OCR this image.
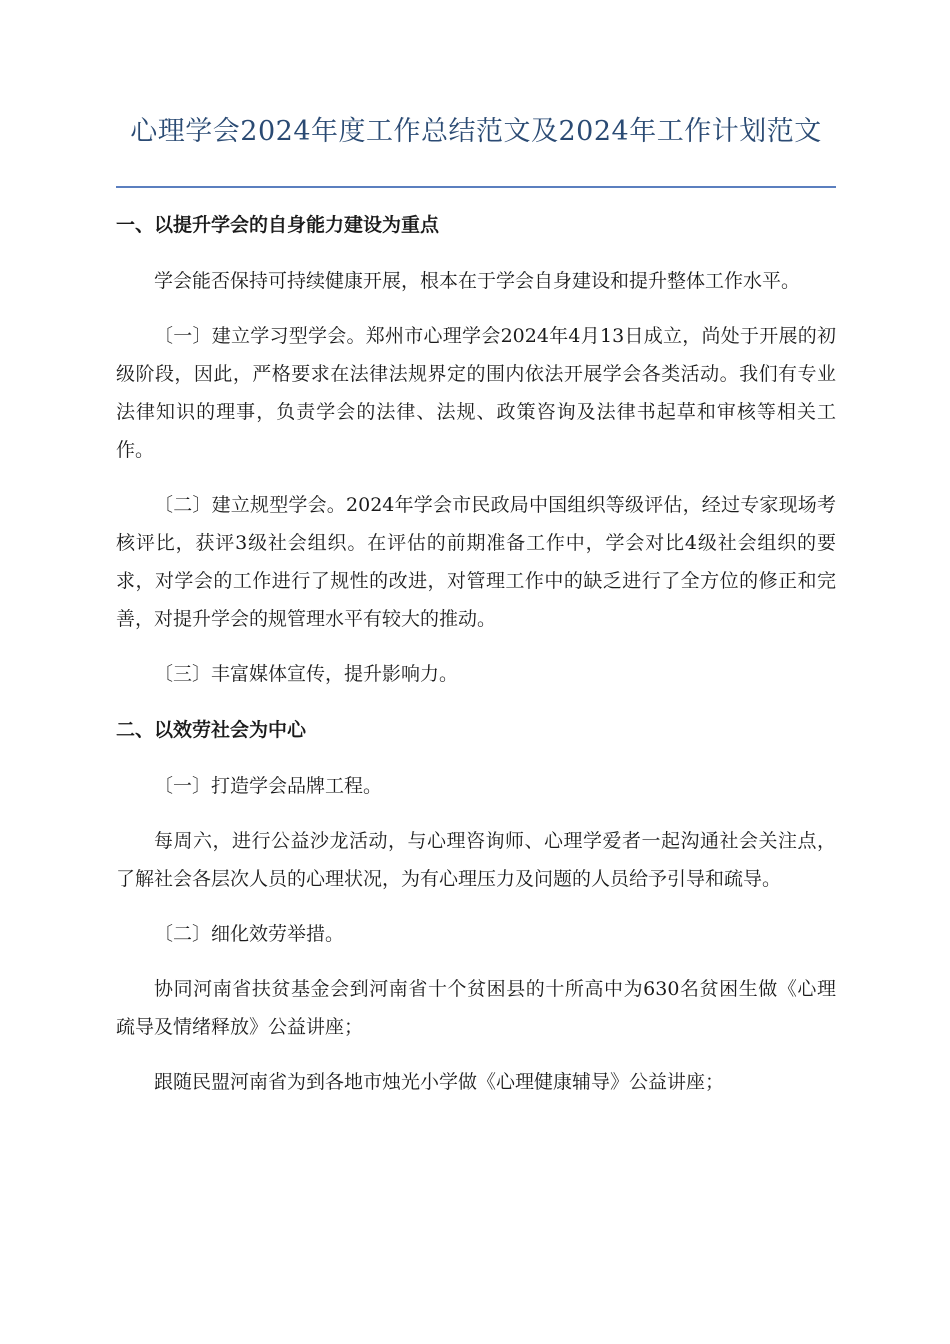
心理学会2024年度工作总结范文及2024年工作计划范文
一、以提升学会的自身能力建设为重点
学会能否保持可持续健康开展，根本在于学会自身建设和提升整体工作水平。
〔一〕建立学习型学会。郑州市心理学会2024年4月13日成立，尚处于开展的初级阶段，因此，严格要求在法律法规界定的围内依法开展学会各类活动。我们有专业法律知识的理事，负责学会的法律、法规、政策咨询及法律书起草和审核等相关工作。
〔二〕建立规型学会。2024年学会市民政局中国组织等级评估，经过专家现场考核评比，获评3级社会组织。在评估的前期准备工作中，学会对比4级社会组织的要求，对学会的工作进行了规性的改进，对管理工作中的缺乏进行了全方位的修正和完善，对提升学会的规管理水平有较大的推动。
〔三〕丰富媒体宣传，提升影响力。
二、以效劳社会为中心
〔一〕打造学会品牌工程。
每周六，进行公益沙龙活动，与心理咨询师、心理学爱者一起沟通社会关注点，了解社会各层次人员的心理状况，为有心理压力及问题的人员给予引导和疏导。
〔二〕细化效劳举措。
协同河南省扶贫基金会到河南省十个贫困县的十所高中为630名贫困生做《心理疏导及情绪释放》公益讲座；
跟随民盟河南省为到各地市烛光小学做《心理健康辅导》公益讲座；
